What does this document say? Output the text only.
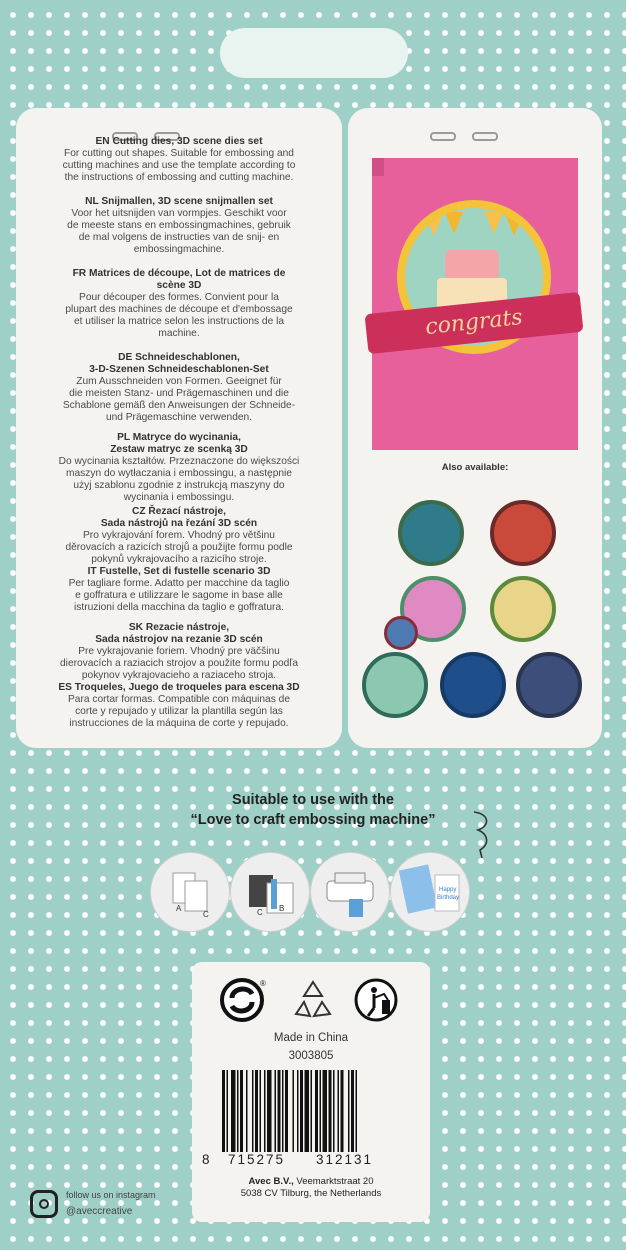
EN Cutting dies, 3D scene dies set
For cutting out shapes. Suitable for embossing and
cutting machines and use the template according to
the instructions of embossing and cutting machine.
NL Snijmallen, 3D scene snijmallen set
Voor het uitsnijden van vormpjes. Geschikt voor
de meeste stans en embossingmachines, gebruik
de mal volgens de instructies van de snij- en
embossingmachine.
FR Matrices de découpe, Lot de matrices de
scène 3D
Pour découper des formes. Convient pour la
plupart des machines de découpe et d'embossage
et utiliser la matrice selon les instructions de la
machine.
DE Schneideschablonen,
3-D-Szenen Schneideschablonen-Set
Zum Ausschneiden von Formen. Geeignet für
die meisten Stanz- und Prägemaschinen und die
Schablone gemäß den Anweisungen der Schneide-
und Prägemaschine verwenden.
PL Matryce do wycinania,
Zestaw matryc ze scenką 3D
Do wycinania kształtów. Przeznaczone do większości
maszyn do wytłaczania i embossingu, a następnie
użyj szablonu zgodnie z instrukcją maszyny do
wycinania i embossingu.
CZ Řezací nástroje,
Sada nástrojů na řezání 3D scén
Pro vykrajování forem. Vhodný pro většinu
děrovacích a razicích strojů a použijte formu podle
pokynů vykrajovacího a razicího stroje.
IT Fustelle, Set di fustelle scenario 3D
Per tagliare forme. Adatto per macchine da taglio
e goffratura e utilizzare le sagome in base alle
istruzioni della macchina da taglio e goffratura.
SK Rezacie nástroje,
Sada nástrojov na rezanie 3D scén
Pre vykrajovanie foriem. Vhodný pre väčšinu
dierovacích a raziacich strojov a použite formu podľa
pokynov vykrajovacieho a raziaceho stroja.
ES Troqueles, Juego de troqueles para escena 3D
Para cortar formas. Compatible con máquinas de
corte y repujado y utilizar la plantilla según las
instrucciones de la máquina de corte y repujado.
congrats
Also available:
Suitable to use with the
“Love to craft embossing machine”
A
C
B
C
Happy
Birthday
®
Made in China
3003805
8 715275 312131
Avec B.V., Veemarktstraat 20
5038 CV Tilburg, the Netherlands
follow us on instagram
@aveccreative
